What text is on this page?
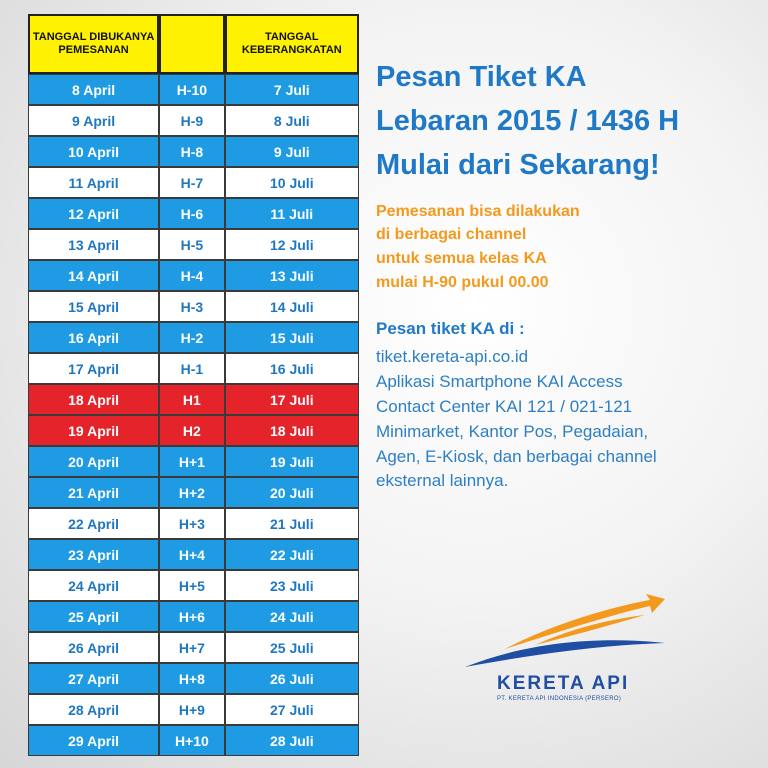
TANGGAL DIBUKANYA PEMESANAN		TANGGAL KEBERANGKATAN
8 April	H-10	7 Juli
9 April	H-9	8 Juli
10 April	H-8	9 Juli
11 April	H-7	10 Juli
12 April	H-6	11 Juli
13 April	H-5	12 Juli
14 April	H-4	13 Juli
15 April	H-3	14 Juli
16 April	H-2	15 Juli
17 April	H-1	16 Juli
18 April	H1	17 Juli
19 April	H2	18 Juli
20 April	H+1	19 Juli
21 April	H+2	20 Juli
22 April	H+3	21 Juli
23 April	H+4	22 Juli
24 April	H+5	23 Juli
25 April	H+6	24 Juli
26 April	H+7	25 Juli
27 April	H+8	26 Juli
28 April	H+9	27 Juli
29 April	H+10	28 Juli
Pesan Tiket KA
Lebaran 2015 / 1436 H
Mulai dari Sekarang!
Pemesanan bisa dilakukan
di berbagai channel
untuk semua kelas KA
mulai H-90 pukul 00.00
Pesan tiket KA di :
tiket.kereta-api.co.id
Aplikasi Smartphone KAI Access
Contact Center KAI 121 / 021-121
Minimarket, Kantor Pos, Pegadaian,
Agen, E-Kiosk, dan berbagai channel
eksternal lainnya.
KERETA API
PT. KERETA API INDONESIA (PERSERO)
